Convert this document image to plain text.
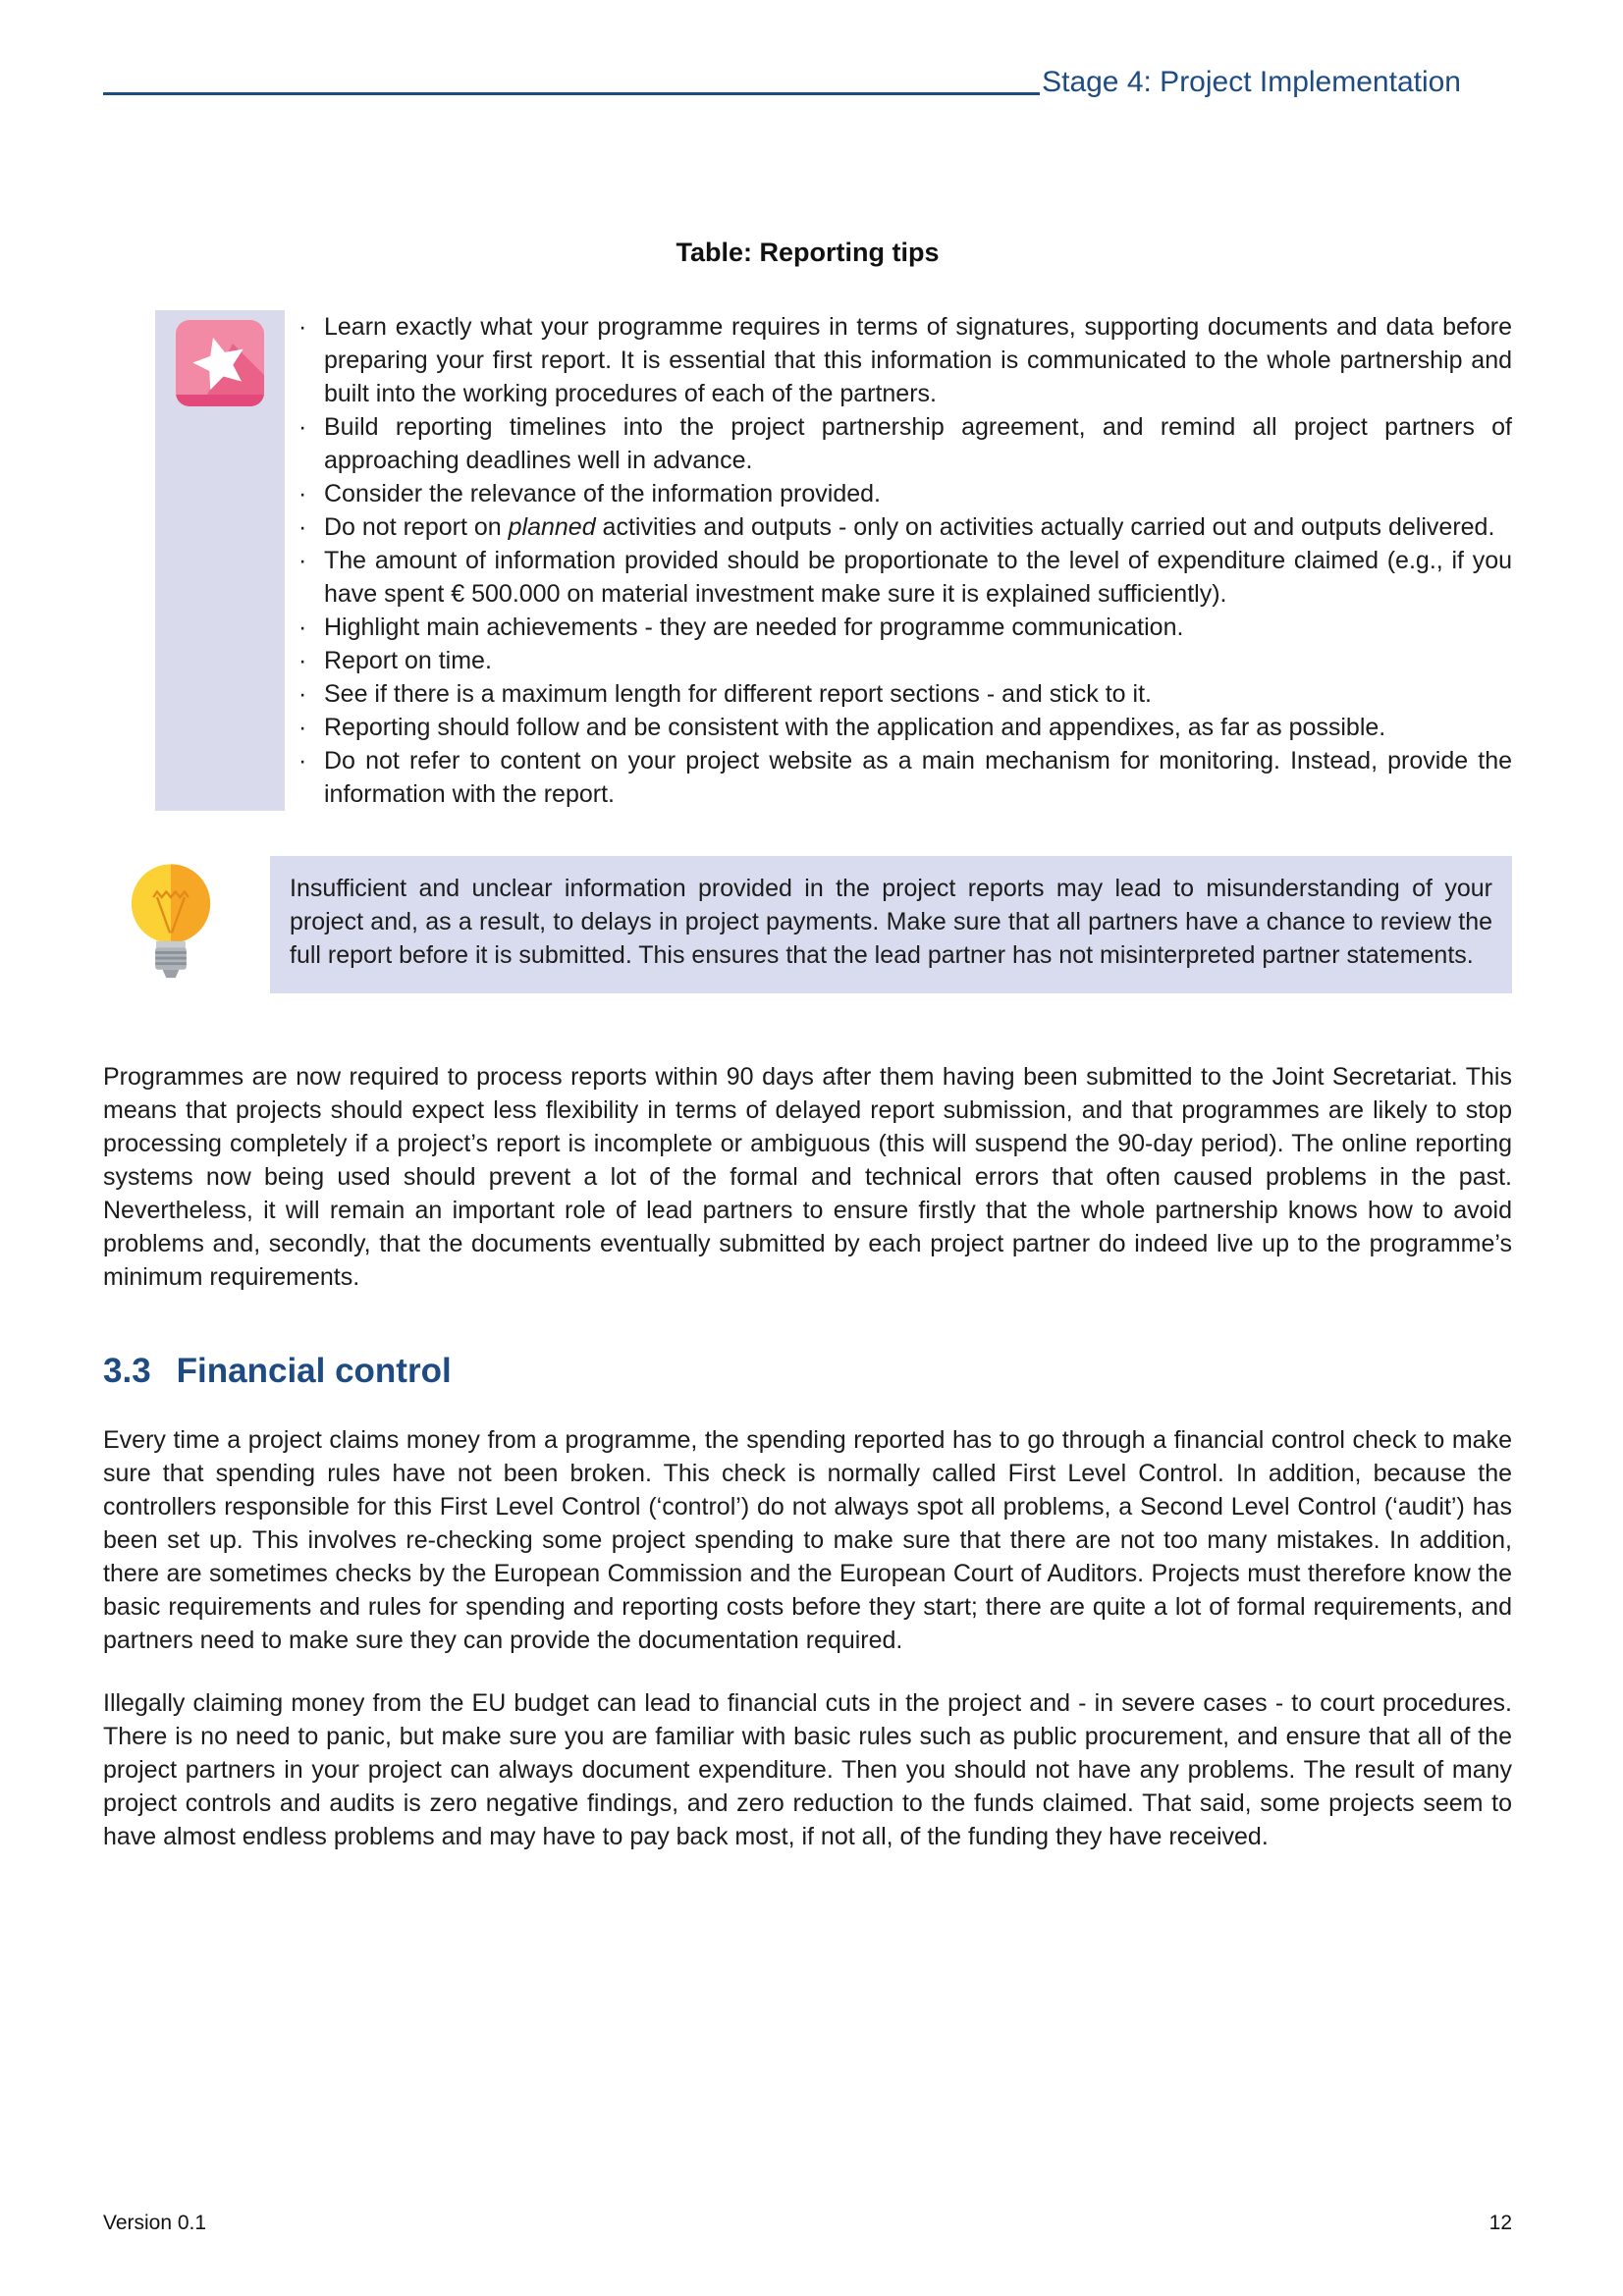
Stage 4: Project Implementation
Table: Reporting tips
· Learn exactly what your programme requires in terms of signatures, supporting documents and data before preparing your first report. It is essential that this information is communicated to the whole partnership and built into the working procedures of each of the partners.
· Build reporting timelines into the project partnership agreement, and remind all project partners of approaching deadlines well in advance.
· Consider the relevance of the information provided.
· Do not report on planned activities and outputs - only on activities actually carried out and outputs delivered.
· The amount of information provided should be proportionate to the level of expenditure claimed (e.g., if you have spent € 500.000 on material investment make sure it is explained sufficiently).
· Highlight main achievements - they are needed for programme communication.
· Report on time.
· See if there is a maximum length for different report sections - and stick to it.
· Reporting should follow and be consistent with the application and appendixes, as far as possible.
· Do not refer to content on your project website as a main mechanism for monitoring. Instead, provide the information with the report.
Insufficient and unclear information provided in the project reports may lead to misunderstanding of your project and, as a result, to delays in project payments. Make sure that all partners have a chance to review the full report before it is submitted. This ensures that the lead partner has not misinterpreted partner statements.

Programmes are now required to process reports within 90 days after them having been submitted to the Joint Secretariat. This means that projects should expect less flexibility in terms of delayed report submission, and that programmes are likely to stop processing completely if a project’s report is incomplete or ambiguous (this will suspend the 90-day period). The online reporting systems now being used should prevent a lot of the formal and technical errors that often caused problems in the past. Nevertheless, it will remain an important role of lead partners to ensure firstly that the whole partnership knows how to avoid problems and, secondly, that the documents eventually submitted by each project partner do indeed live up to the programme’s minimum requirements.

3.3 Financial control

Every time a project claims money from a programme, the spending reported has to go through a financial control check to make sure that spending rules have not been broken. This check is normally called First Level Control. In addition, because the controllers responsible for this First Level Control (‘control’) do not always spot all problems, a Second Level Control (‘audit’) has been set up. This involves re-checking some project spending to make sure that there are not too many mistakes. In addition, there are sometimes checks by the European Commission and the European Court of Auditors. Projects must therefore know the basic requirements and rules for spending and reporting costs before they start; there are quite a lot of formal requirements, and partners need to make sure they can provide the documentation required.

Illegally claiming money from the EU budget can lead to financial cuts in the project and - in severe cases - to court procedures. There is no need to panic, but make sure you are familiar with basic rules such as public procurement, and ensure that all of the project partners in your project can always document expenditure. Then you should not have any problems. The result of many project controls and audits is zero negative findings, and zero reduction to the funds claimed. That said, some projects seem to have almost endless problems and may have to pay back most, if not all, of the funding they have received.

Version 0.1	12
